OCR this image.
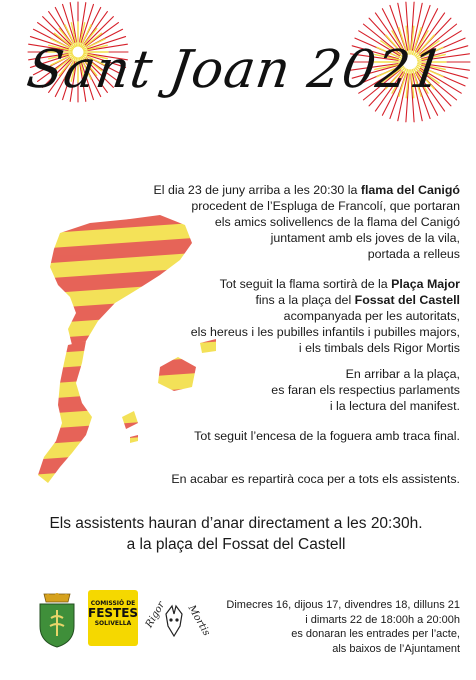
Sant Joan 2021
El dia 23 de juny arriba a les 20:30 la flama del Canigó
procedent de l’Espluga de Francolí, que portaran
els amics solivellencs de la flama del Canigó
juntament amb els joves de la vila,
portada a relleus
Tot seguit la flama sortirà de la Plaça Major
fins a la plaça del Fossat del Castell
acompanyada per les autoritats,
els hereus i les pubilles infantils i pubilles majors,
i els timbals dels Rigor Mortis
En arribar a la plaça,
es faran els respectius parlaments
i la lectura del manifest.
Tot seguit l’encesa de la foguera amb traca final.
En acabar es repartirà coca per a tots els assistents.
Els assistents hauran d’anar directament a les 20:30h.
a la plaça del Fossat del Castell
COMISSIÓ DE
FESTES
SOLIVELLA	Rigor Mortis Dimecres 16, dijous 17, divendres 18, dilluns 21
i dimarts 22 de 18:00h a 20:00h
es donaran les entrades per l’acte,
als baixos de l’Ajuntament
